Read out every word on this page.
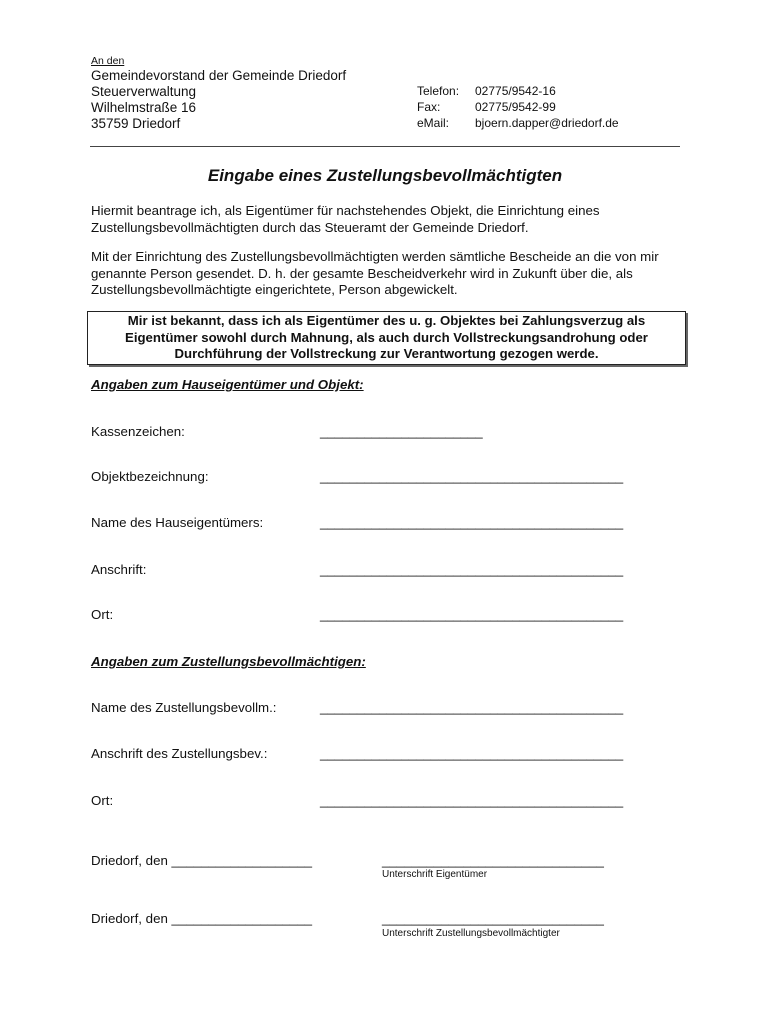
An den
Gemeindevorstand der Gemeinde Driedorf
Steuerverwaltung
Wilhelmstraße 16
35759 Driedorf
Telefon: 02775/9542-16
Fax:	02775/9542-99
eMail: bjoern.dapper@driedorf.de
Eingabe eines Zustellungsbevollmächtigten
Hiermit beantrage ich, als Eigentümer für nachstehendes Objekt, die Einrichtung eines Zustellungsbevollmächtigten durch das Steueramt der Gemeinde Driedorf.
Mit der Einrichtung des Zustellungsbevollmächtigten werden sämtliche Bescheide an die von mir genannte Person gesendet. D. h. der gesamte Bescheidverkehr wird in Zukunft über die, als Zustellungsbevollmächtigte eingerichtete, Person abgewickelt.
Mir ist bekannt, dass ich als Eigentümer des u. g. Objektes bei Zahlungsverzug als Eigentümer sowohl durch Mahnung, als auch durch Vollstreckungsandrohung oder Durchführung der Vollstreckung zur Verantwortung gezogen werde.
Angaben zum Hauseigentümer und Objekt:
Kassenzeichen:	______________________
Objektbezeichnung:	_________________________________________
Name des Hauseigentümers:	_________________________________________
Anschrift:	_________________________________________
Ort:	_________________________________________
Angaben zum Zustellungsbevollmächtigen:
Name des Zustellungsbevollm.:	_________________________________________
Anschrift des Zustellungsbev.:	_________________________________________
Ort:	_________________________________________
Driedorf, den ___________________	______________________________
Unterschrift Eigentümer
Driedorf, den ___________________	______________________________
Unterschrift Zustellungsbevollmächtigter
